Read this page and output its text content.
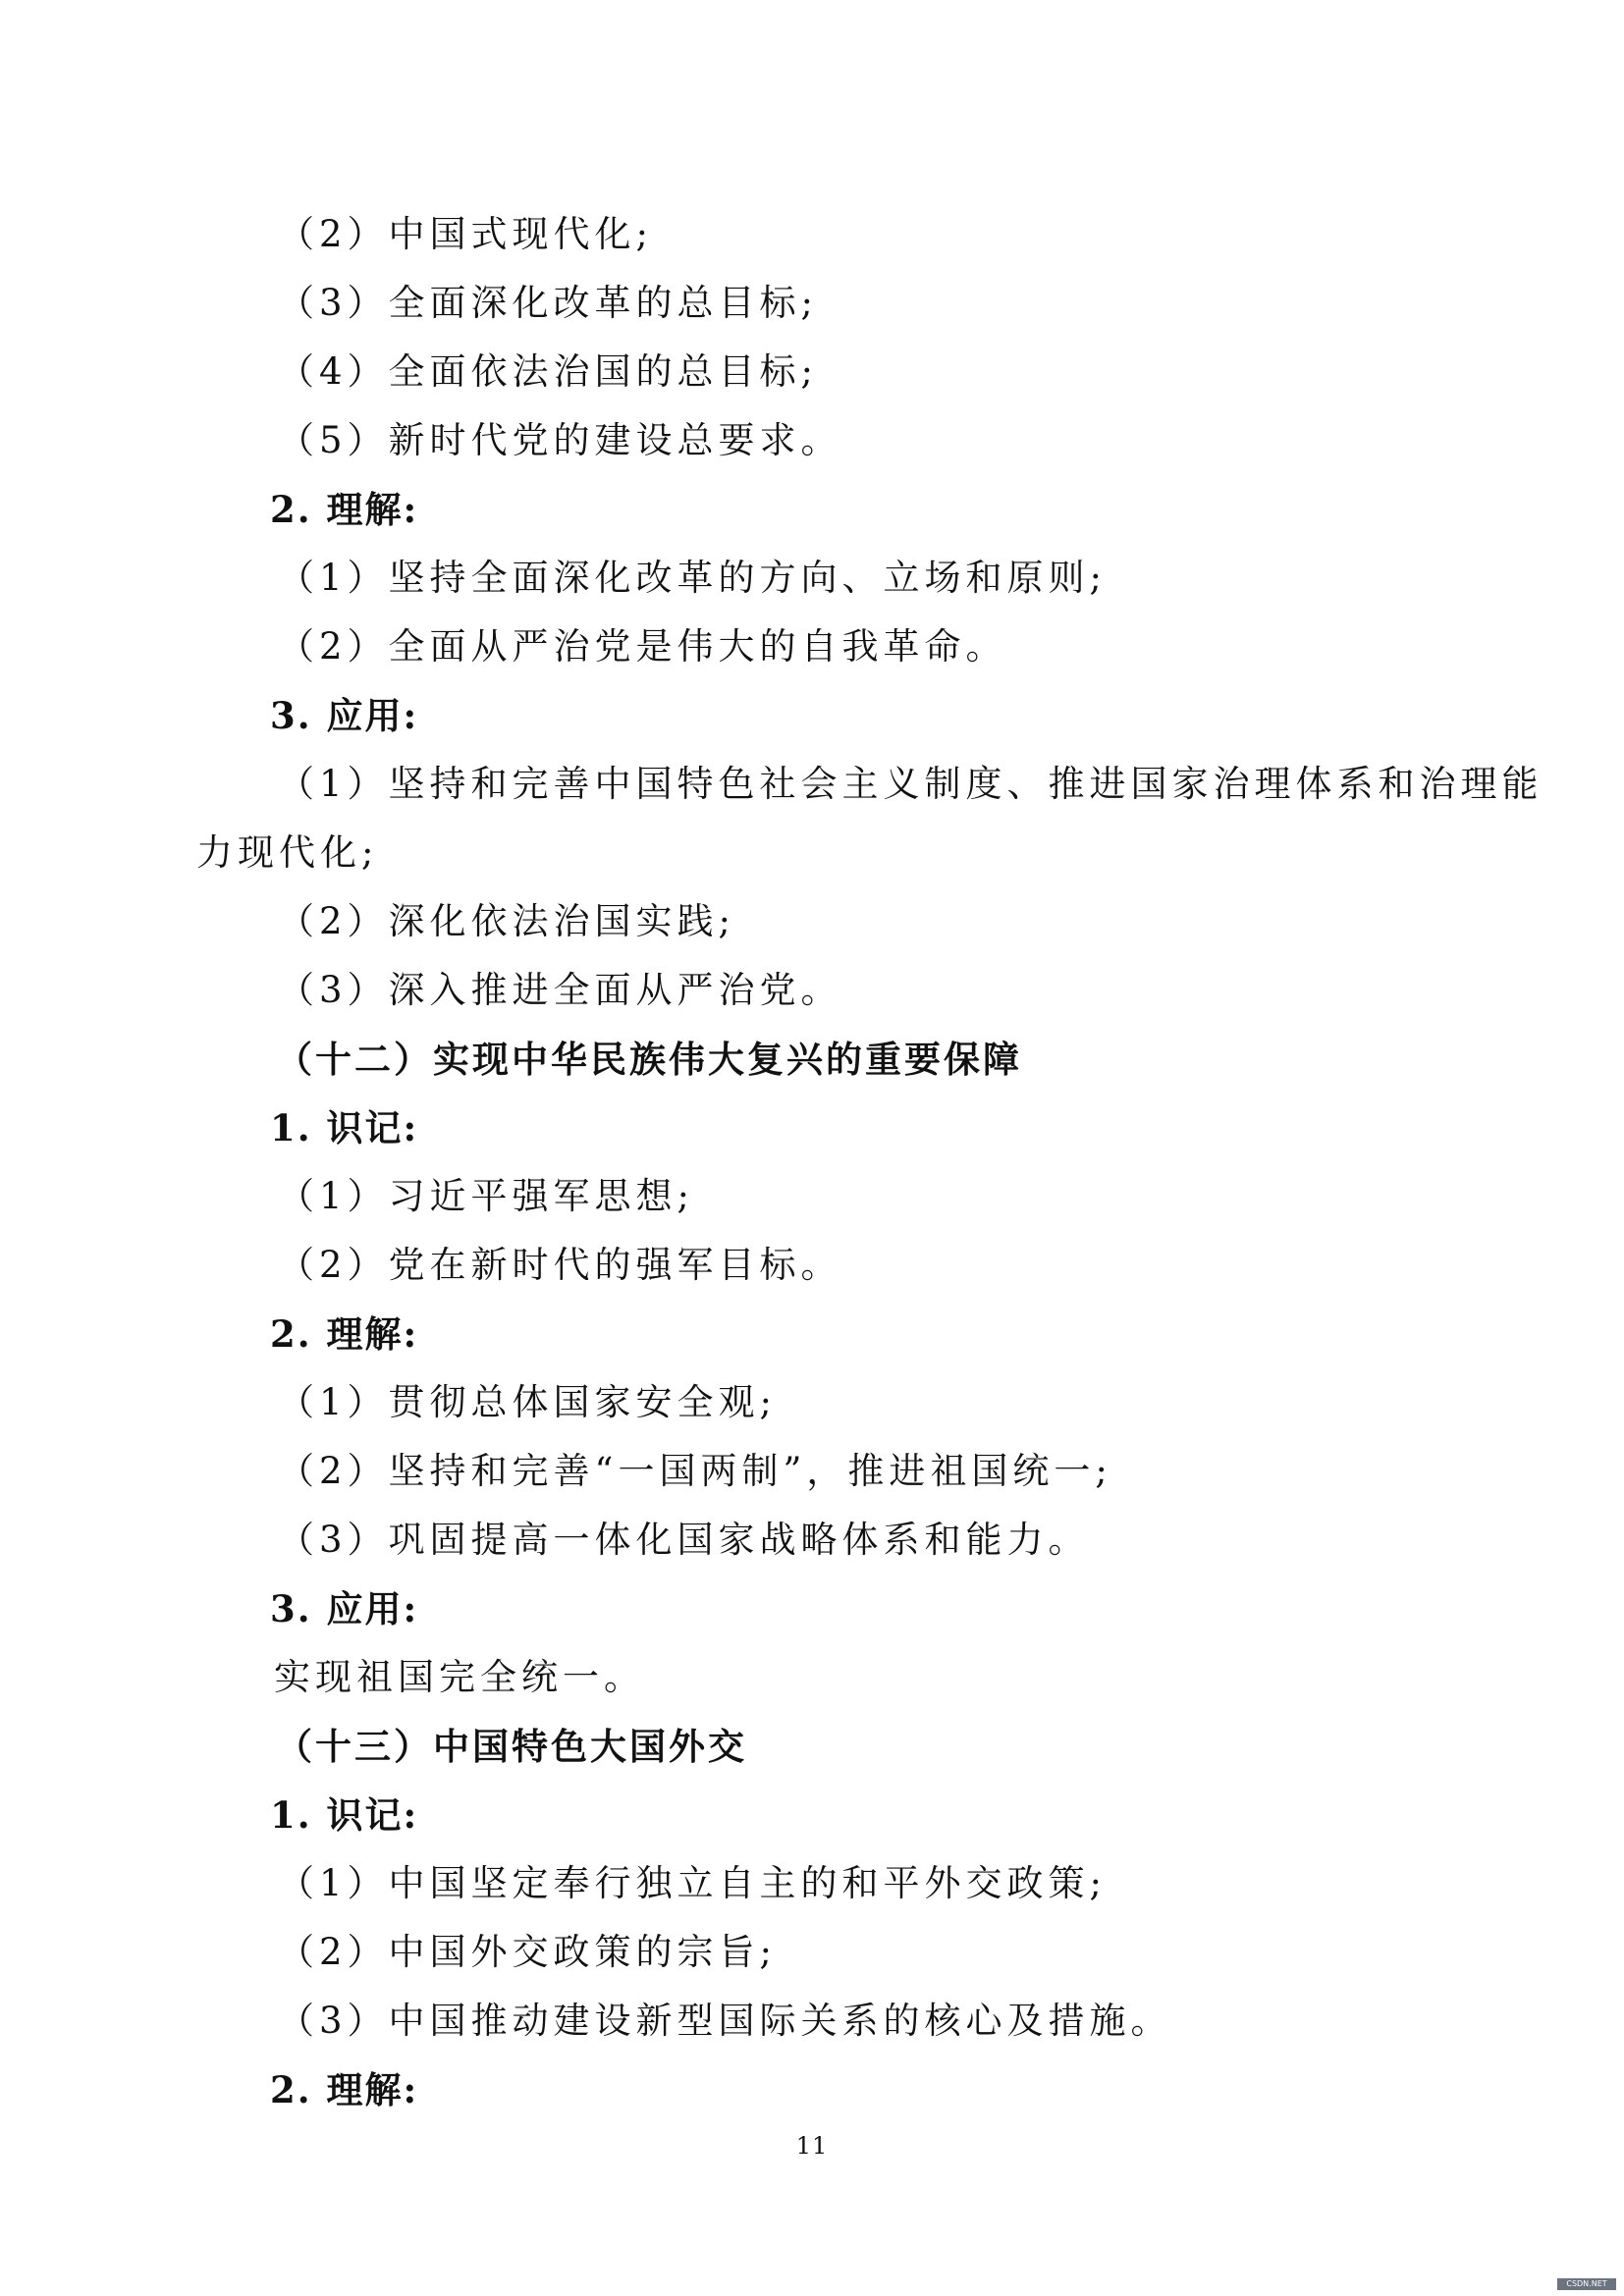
（2）中国式现代化;
（3）全面深化改革的总目标;
（4）全面依法治国的总目标;
（5）新时代党的建设总要求。
2. 理解:
（1）坚持全面深化改革的方向、立场和原则;
（2）全面从严治党是伟大的自我革命。
3. 应用:
（1）坚持和完善中国特色社会主义制度、推进国家治理体系和治理能
力现代化;
（2）深化依法治国实践;
（3）深入推进全面从严治党。
（十二）实现中华民族伟大复兴的重要保障
1. 识记:
（1）习近平强军思想;
（2）党在新时代的强军目标。
2. 理解:
（1）贯彻总体国家安全观;
（2）坚持和完善“一国两制”，推进祖国统一;
（3）巩固提高一体化国家战略体系和能力。
3. 应用:
实现祖国完全统一。
（十三）中国特色大国外交
1. 识记:
（1）中国坚定奉行独立自主的和平外交政策;
（2）中国外交政策的宗旨;
（3）中国推动建设新型国际关系的核心及措施。
2. 理解:
11
CSDN.NET
